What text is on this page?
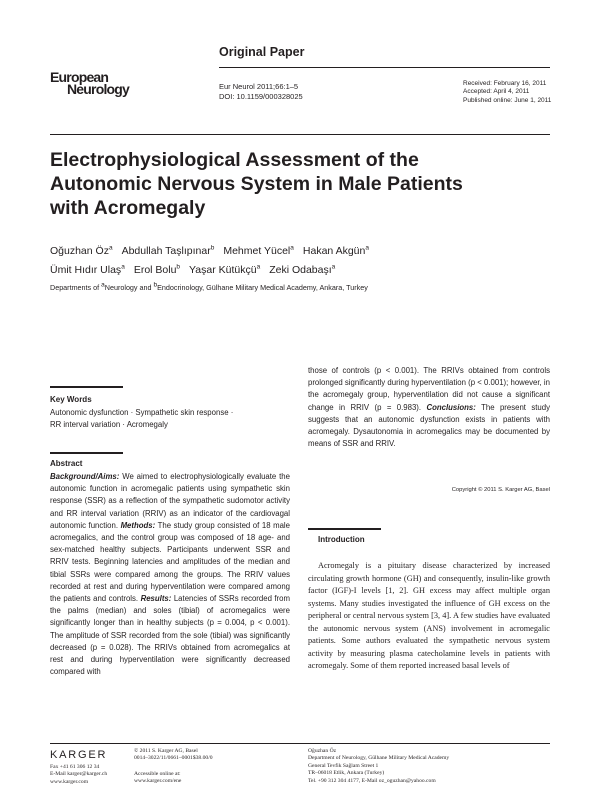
Original Paper
European
Neurology	Eur Neurol 2011;66:1–5
DOI: 10.1159/000328025
Received: February 16, 2011
Accepted: April 4, 2011
Published online: June 1, 2011
Electrophysiological Assessment of the Autonomic Nervous System in Male Patients with Acromegaly
Oğuzhan $Öz^a$ Abdullah Taşlıpınar$^b$ Mehmet Yücel$^a$ Hakan Akgün$^a$
Ümit Hıdır Ulaş$^a$ Erol Bolu$^b$ Yaşar Kütükçü$^a$ Zeki Odabaşı$^a$
Departments of $^a$Neurology and $^b$Endocrinology, Gülhane Military Medical Academy, Ankara, Turkey
Key Words
Autonomic dysfunction · Sympathetic skin response ·
RR interval variation · Acromegaly
Abstract
Background/Aims: We aimed to electrophysiologically evaluate the autonomic function in acromegalic patients using sympathetic skin response (SSR) as a reflection of the sympathetic sudomotor activity and RR interval variation (RRIV) as an indicator of the cardiovagal autonomic function. Methods: The study group consisted of 18 male acromegalics, and the control group was composed of 18 age- and sex-matched healthy subjects. Participants underwent SSR and RRIV tests. Beginning latencies and amplitudes of the median and tibial SSRs were compared among the groups. The RRIV values recorded at rest and during hyperventilation were compared among the patients and controls. Results: Latencies of SSRs recorded from the palms (median) and soles (tibial) of acromegalics were significantly longer than in healthy subjects (p = 0.004, p < 0.001). The amplitude of SSR recorded from the sole (tibial) was significantly decreased (p = 0.028). The RRIVs obtained from acromegalics at rest and during hyperventilation were significantly decreased compared with
those of controls (p < 0.001). The RRIVs obtained from controls prolonged significantly during hyperventilation (p < 0.001); however, in the acromegaly group, hyperventilation did not cause a significant change in RRIV (p = 0.983). Conclusions: The present study suggests that an autonomic dysfunction exists in patients with acromegaly. Dysautonomia in acromegalics may be documented by means of SSR and RRIV.
Copyright © 2011 S. Karger AG, Basel
Introduction
Acromegaly is a pituitary disease characterized by increased circulating growth hormone (GH) and consequently, insulin-like growth factor (IGF)-I levels [1, 2]. GH excess may affect multiple organ systems. Many studies investigated the influence of GH excess on the peripheral or central nervous system [3, 4]. A few studies have evaluated the autonomic nervous system (ANS) involvement in acromegalic patients. Some authors evaluated the sympathetic nervous system activity by measuring plasma catecholamine levels in patients with acromegaly. Some of them reported increased basal levels of
KARGER
Fax +41 61 306 12 34
E-Mail karger@karger.ch
www.karger.com
© 2011 S. Karger AG, Basel
0014–3022/11/0661–0001$38.00/0
Accessible online at:
www.karger.com/ene
Oğuzhan Öz
Department of Neurology, Gülhane Military Medical Academy
General Tevfik Sağlam Street 1
TR–06018 Etlik, Ankara (Turkey)
Tel. +90 312 304 4177, E-Mail oz_oguzhan@yahoo.com
